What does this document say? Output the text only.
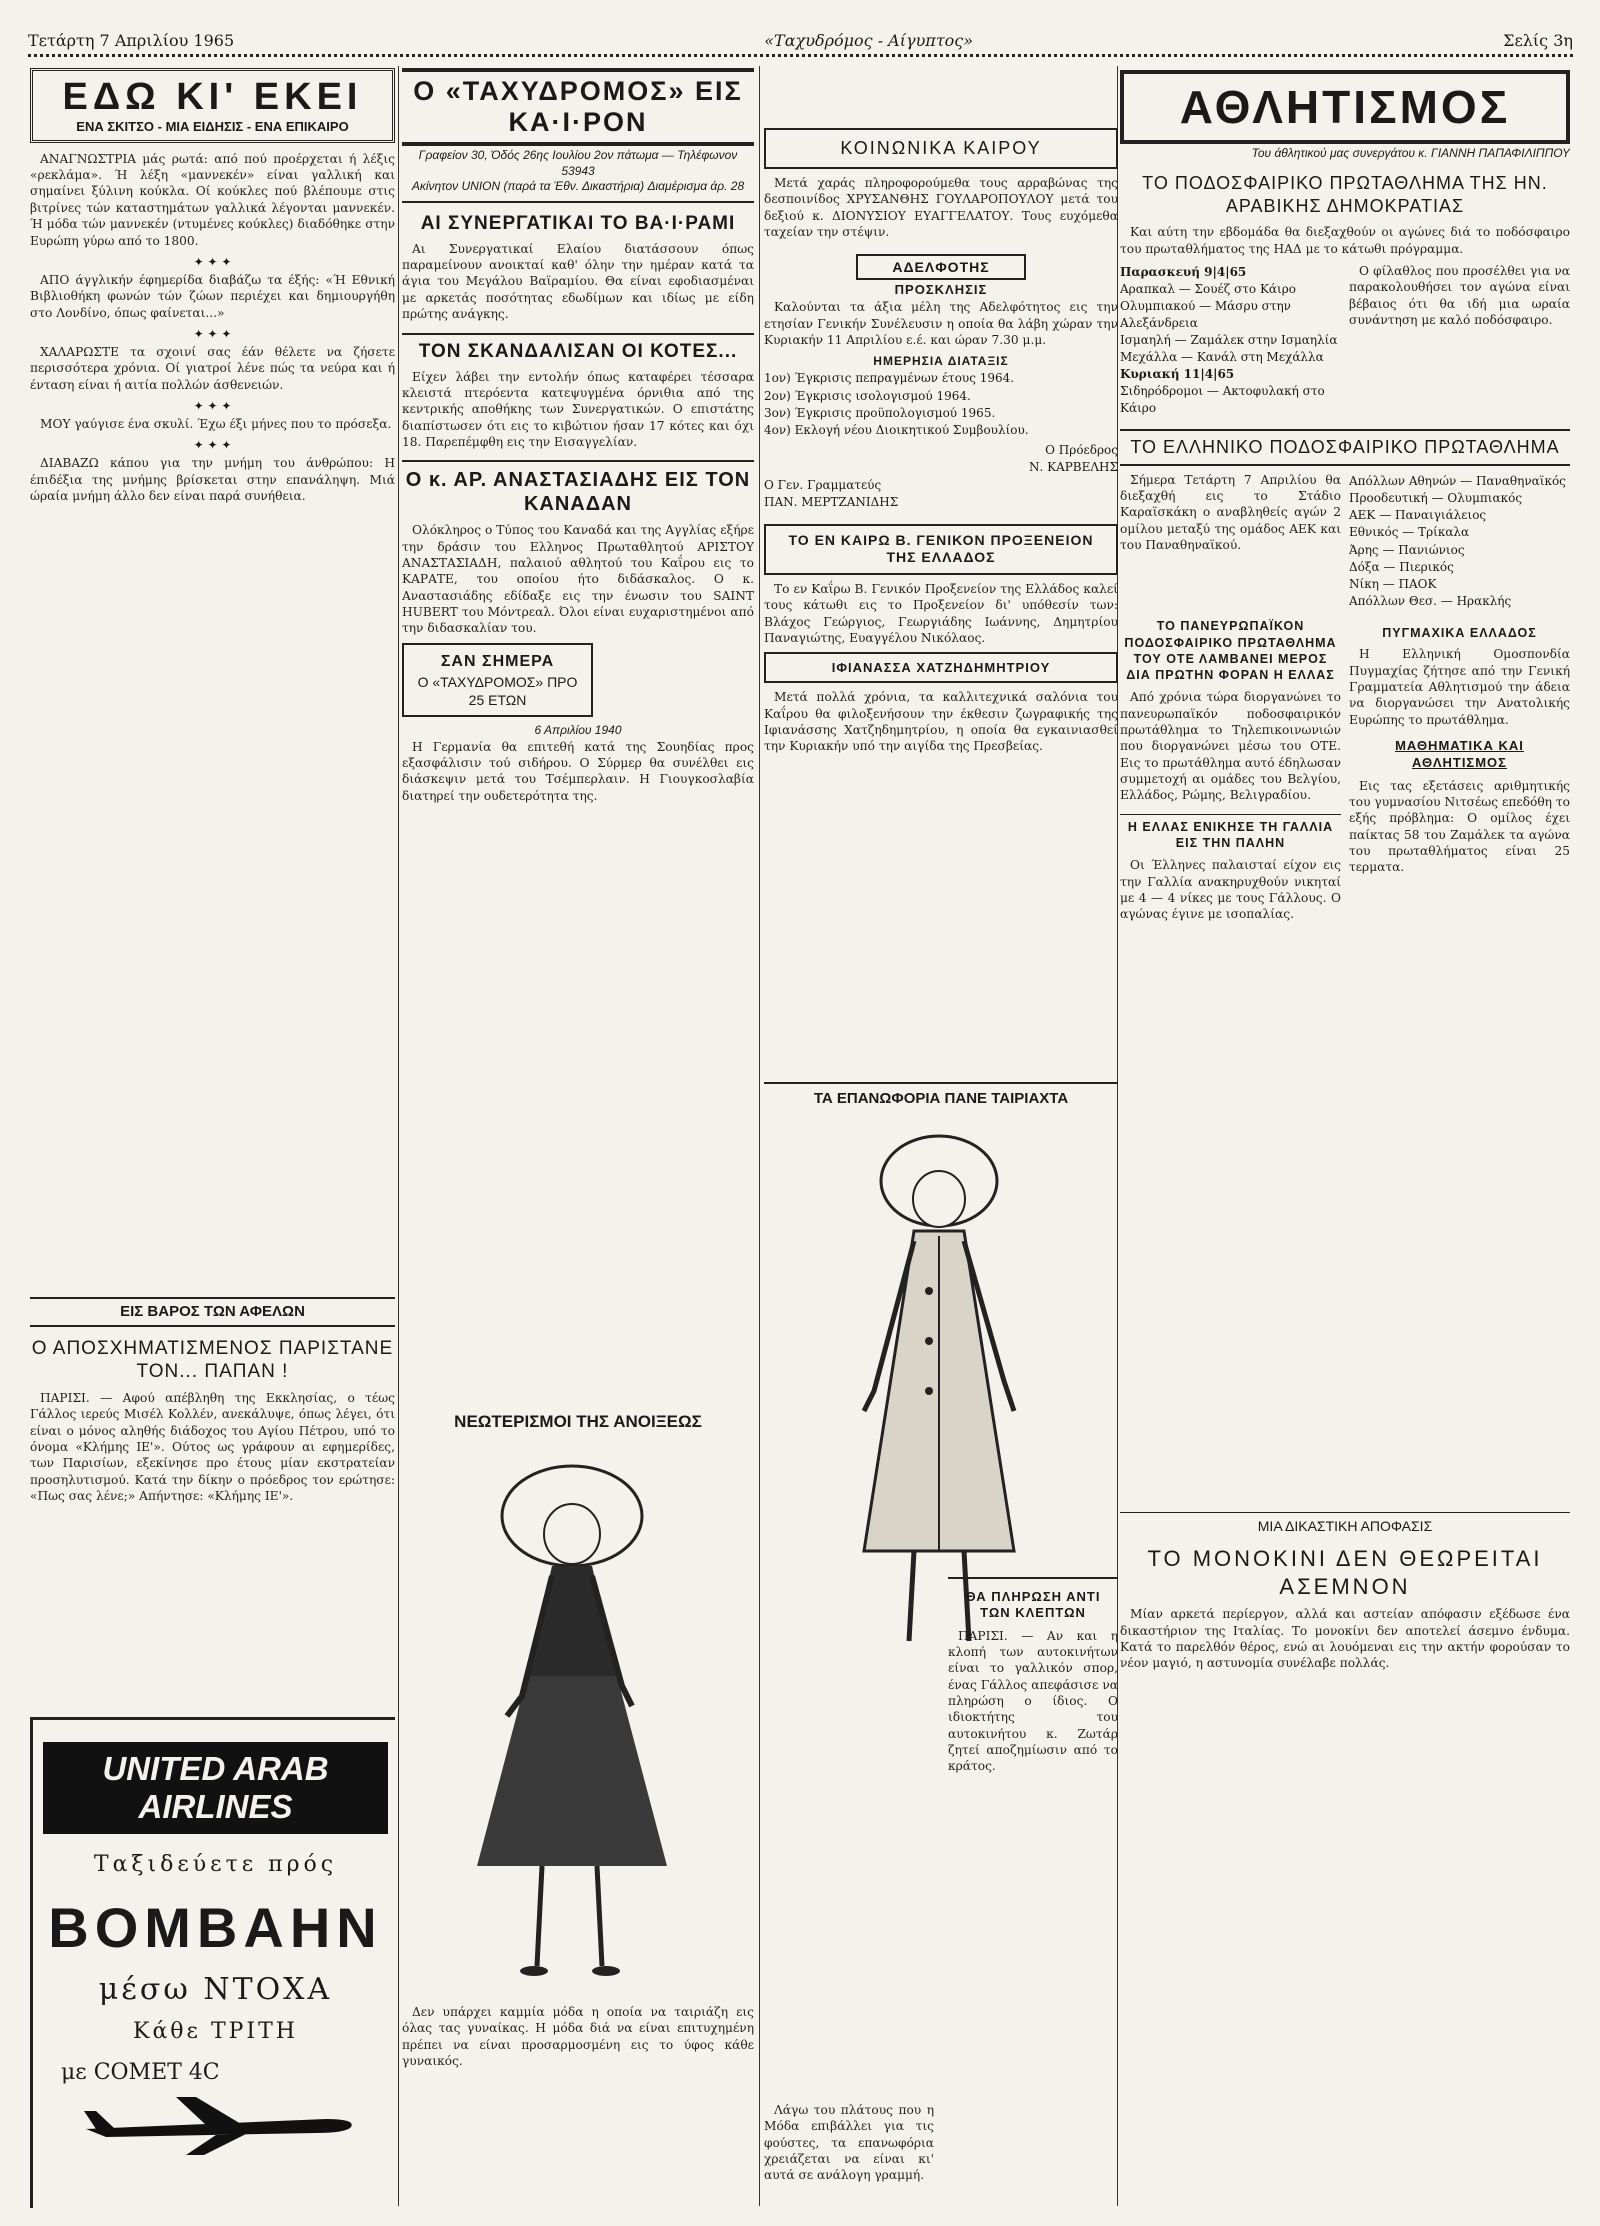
Τετάρτη 7 Απριλίου 1965	«Ταχυδρόμος - Αίγυπτος»	Σελίς 3η
ΕΔΩ ΚΙ' ΕΚΕΙ
ΕΝΑ ΣΚΙΤΣΟ - ΜΙΑ ΕΙΔΗΣΙΣ - ΕΝΑ ΕΠΙΚΑΙΡΟ

ΑΝΑΓΝΩΣΤΡΙΑ μάς ρωτά: από πού προέρχεται ή λέξις «ρεκλάμα». Ή λέξη «μαννεκέν» είναι γαλλική και σημαίνει ξύλινη κούκλα. Οί κούκλες πού βλέπουμε στις βιτρίνες τών καταστημάτων γαλλικά λέγονται μαννεκέν. Ή μόδα τών μαννεκέν (ντυμένες κούκλες) διαδόθηκε στην Ευρώπη γύρω από το 1800.

✦ ✦ ✦

ΑΠΟ άγγλικήν έφημερίδα διαβάζω τα έξής: «Ή Εθνική Βιβλιοθήκη φωνών τών ζώων περιέχει και δημιουργήθη στο Λονδίνο, όπως φαίνεται...»

✦ ✦ ✦

ΧΑΛΑΡΩΣΤΕ τα σχοινί σας έάν θέλετε να ζήσετε περισσότερα χρόνια. Οί γιατροί λένε πώς τα νεύρα και ή ένταση είναι ή αιτία πολλών άσθενειών.

✦ ✦ ✦

ΜΟΥ γαύγισε ένα σκυλί. Έχω έξι μήνες που το πρόσεξα.

✦ ✦ ✦

ΔΙΑΒΑΖΩ κάπου για την μνήμη του άνθρώπου: Η έπιδέξια της μνήμης βρίσκεται στην επανάληψη. Μιά ώραία μνήμη άλλο δεν είναι παρά συνήθεια.

ΕΙΣ ΒΑΡΟΣ ΤΩΝ ΑΦΕΛΩΝ
Ο ΑΠΟΣΧΗΜΑΤΙΣΜΕΝΟΣ ΠΑΡΙΣΤΑΝΕ ΤΟΝ... ΠΑΠΑΝ !

ΠΑΡΙΣΙ. — Αφού απέβληθη της Εκκλησίας, ο τέως Γάλλος ιερεύς Μισέλ Κολλέν, ανεκάλυψε, όπως λέγει, ότι είναι ο μόνος αληθής διάδοχος του Αγίου Πέτρου, υπό το όνομα «Κλήμης ΙΕ'». Ούτος ως γράφουν αι εφημερίδες, των Παρισίων, εξεκίνησε προ έτους μίαν εκστρατείαν προσηλυτισμού. Κατά την δίκην ο πρόεδρος τον ερώτησε: «Πως σας λένε;» Απήντησε: «Κλήμης ΙΕ'».

UNITED ARAB AIRLINES
Ταξιδεύετε πρός
ΒΟΜΒΑΗΝ
μέσω ΝΤΟΧΑ
Κάθε ΤΡΙΤΗ
με COMET 4C
Ο «ΤΑΧΥΔΡΟΜΟΣ» ΕΙΣ ΚΑ·Ι·ΡΟΝ
Γραφείον 30, Όδός 26ης Ιουλίου 2ον πάτωμα — Τηλέφωνον 53943
Ακίνητον UNION (παρά τα Έθν. Δικαστήρια) Διαμέρισμα άρ. 28
ΑΙ ΣΥΝΕΡΓΑΤΙΚΑΙ ΤΟ ΒΑ·Ι·ΡΑΜΙ

Αι Συνεργατικαί Ελαίου διατάσσουν όπως παραμείνουν ανοικταί καθ' όλην την ημέραν κατά τα άγια του Μεγάλου Βαϊραμίου. Θα είναι εφοδιασμέναι με αρκετάς ποσότητας εδωδίμων και ιδίως με είδη πρώτης ανάγκης.

ΤΟΝ ΣΚΑΝΔΑΛΙΣΑΝ ΟΙ ΚΟΤΕΣ...

Είχεν λάβει την εντολήν όπως καταφέρει τέσσαρα κλειστά πτερόεντα κατεψυγμένα όρνιθια από της κεντρικής αποθήκης των Συνεργατικών. Ο επιστάτης διαπίστωσεν ότι εις το κιβώτιον ήσαν 17 κότες και όχι 18. Παρεπέμφθη εις την Εισαγγελίαν.

Ο κ. ΑΡ. ΑΝΑΣΤΑΣΙΑΔΗΣ ΕΙΣ ΤΟΝ ΚΑΝΑΔΑΝ

Ολόκληρος ο Τύπος του Καναδά και της Αγγλίας εξήρε την δράσιν του Ελληνος Πρωταθλητού ΑΡΙΣΤΟΥ ΑΝΑΣΤΑΣΙΑΔΗ, παλαιού αθλητού του Καΐρου εις το ΚΑΡΑΤΕ, του οποίου ήτο διδάσκαλος. Ο κ. Αναστασιάδης εδίδαξε εις την ένωσιν του SAINT HUBERT του Μόντρεαλ. Όλοι είναι ευχαριστημένοι από την διδασκαλίαν του.

ΣΑΝ ΣΗΜΕΡΑ
Ο «ΤΑΧΥΔΡΟΜΟΣ» ΠΡΟ 25 ΕΤΩΝ
6 Απριλίου 1940

Η Γερμανία θα επιτεθή κατά της Σουηδίας προς εξασφάλισιν τού σιδήρου. Ο Σύρμερ θα συνέλθει εις διάσκεψιν μετά του Τσέμπερλαιν. Η Γιουγκοσλαβία διατηρεί την ουδετερότητα της.

ΝΕΩΤΕΡΙΣΜΟΙ ΤΗΣ ΑΝΟΙΞΕΩΣ

Δεν υπάρχει καμμία μόδα η οποία να ταιριάζη εις όλας τας γυναίκας. Η μόδα διά να είναι επιτυχημένη πρέπει να είναι προσαρμοσμένη εις το ύφος κάθε γυναικός.

ΚΟΙΝΩΝΙΚΑ ΚΑΙΡΟΥ

Μετά χαράς πληροφορούμεθα τους αρραβώνας της δεσποινίδος ΧΡΥΣΑΝΘΗΣ ΓΟΥΛΑΡΟΠΟΥΛΟΥ μετά του δεξιού κ. ΔΙΟΝΥΣΙΟΥ ΕΥΑΓΓΕΛΑΤΟΥ. Τους ευχόμεθα ταχείαν την στέψιν.

ΑΔΕΛΦΟΤΗΣ
ΠΡΟΣΚΛΗΣΙΣ

Καλούνται τα άξια μέλη της Αδελφότητος εις την ετησίαν Γενικήν Συνέλευσιν η οποία θα λάβη χώραν την Κυριακήν 11 Απριλίου ε.έ. και ώραν 7.30 μ.μ.

ΗΜΕΡΗΣΙΑ ΔΙΑΤΑΞΙΣ
1ον) Έγκρισις πεπραγμένων έτους 1964.
2ον) Έγκρισις ισολογισμού 1964.
3ον) Έγκρισις προϋπολογισμού 1965.
4ον) Εκλογή νέου Διοικητικού Συμβουλίου.
Ο Πρόεδρος
Ν. ΚΑΡΒΕΛΗΣ
Ο Γεν. Γραμματεύς
ΠΑΝ. ΜΕΡΤΖΑΝΙΔΗΣ
ΤΟ ΕΝ ΚΑΙΡΩ Β. ΓΕΝΙΚΟΝ ΠΡΟΞΕΝΕΙΟΝ ΤΗΣ ΕΛΛΑΔΟΣ

Το εν Καΐρω Β. Γενικόν Προξενείον της Ελλάδος καλεί τους κάτωθι εις το Προξενείον δι' υπόθεσίν των: Βλάχος Γεώργιος, Γεωργιάδης Ιωάννης, Δημητρίου Παναγιώτης, Ευαγγέλου Νικόλαος.

ΙΦΙΑΝΑΣΣΑ ΧΑΤΖΗΔΗΜΗΤΡΙΟΥ

Μετά πολλά χρόνια, τα καλλιτεχνικά σαλόνια του Καΐρου θα φιλοξενήσουν την έκθεσιν ζωγραφικής της Ιφιανάσσης Χατζηδημητρίου, η οποία θα εγκαινιασθεί την Κυριακήν υπό την αιγίδα της Πρεσβείας.

ΤΑ ΕΠΑΝΩΦΟΡΙΑ ΠΑΝΕ ΤΑΙΡΙΑΧΤΑ
ΘΑ ΠΛΗΡΩΣΗ ΑΝΤΙ ΤΩΝ ΚΛΕΠΤΩΝ

ΠΑΡΙΣΙ. — Αν και η κλοπή των αυτοκινήτων είναι το γαλλικόν σπορ, ένας Γάλλος απεφάσισε να πληρώση ο ίδιος. Ο ιδιοκτήτης του αυτοκινήτου κ. Ζωτάρ ζητεί αποζημίωσιν από το κράτος.

Λάγω του πλάτους που η Μόδα επιβάλλει για τις φούστες, τα επανωφόρια χρειάζεται να είναι κι' αυτά σε ανάλογη γραμμή.

ΑΘΛΗΤΙΣΜΟΣ
Του άθλητικού μας συνεργάτου κ. ΓΙΑΝΝΗ ΠΑΠΑΦΙΛΙΠΠΟΥ
ΤΟ ΠΟΔΟΣΦΑΙΡΙΚΟ ΠΡΩΤΑΘΛΗΜΑ ΤΗΣ ΗΝ. ΑΡΑΒΙΚΗΣ ΔΗΜΟΚΡΑΤΙΑΣ

Και αύτη την εβδομάδα θα διεξαχθούν οι αγώνες διά το ποδόσφαιρο του πρωταθλήματος της ΗΑΔ με το κάτωθι πρόγραμμα.

Παρασκευή 9|4|65
Αραπκαλ — Σουέζ στο Κάιρο
Ολυμπιακού — Μάσρυ στην Αλεξάνδρεια
Ισμαηλή — Ζαμάλεκ στην Ισμαηλία
Μεχάλλα — Κανάλ στη Μεχάλλα
Κυριακή 11|4|65
Σιδηρόδρομοι — Ακτοφυλακή στο Κάιρο

Ο φίλαθλος που προσέλθει για να παρακολουθήσει τον αγώνα είναι βέβαιος ότι θα ιδή μια ωραία συνάντηση με καλό ποδόσφαιρο.

ΤΟ ΕΛΛΗΝΙΚΟ ΠΟΔΟΣΦΑΙΡΙΚΟ ΠΡΩΤΑΘΛΗΜΑ

Σήμερα Τετάρτη 7 Απριλίου θα διεξαχθή εις το Στάδιο Καραϊσκάκη ο αναβληθείς αγών 2 ομίλου μεταξύ της ομάδος ΑΕΚ και του Παναθηναϊκού.

Απόλλων Αθηνών — Παναθηναϊκός
Προοδευτική — Ολυμπιακός
ΑΕΚ — Παναιγιάλειος
Εθνικός — Τρίκαλα
Άρης — Πανιώνιος
Δόξα — Πιερικός
Νίκη — ΠΑΟΚ
Απόλλων Θεσ. — Ηρακλής
ΤΟ ΠΑΝΕΥΡΩΠΑΪΚΟΝ ΠΟΔΟΣΦΑΙΡΙΚΟ ΠΡΩΤΑΘΛΗΜΑ ΤΟΥ ΟΤΕ ΛΑΜΒΑΝΕΙ ΜΕΡΟΣ ΔΙΑ ΠΡΩΤΗΝ ΦΟΡΑΝ Η ΕΛΛΑΣ

Από χρόνια τώρα διοργανώνει το πανευρωπαϊκόν ποδοσφαιρικόν πρωτάθλημα το Τηλεπικοινωνιών που διοργανώνει μέσω του ΟΤΕ. Εις το πρωτάθλημα αυτό έδηλωσαν συμμετοχή αι ομάδες του Βελγίου, Ελλάδος, Ρώμης, Βελιγραδίου.

Η ΕΛΛΑΣ ΕΝΙΚΗΣΕ ΤΗ ΓΑΛΛΙΑ ΕΙΣ ΤΗΝ ΠΑΛΗΝ

Οι Έλληνες παλαισταί είχον εις την Γαλλία ανακηρυχθούν νικηταί με 4 — 4 νίκες με τους Γάλλους. Ο αγώνας έγινε με ισοπαλίας.

ΠΥΓΜΑΧΙΚΑ ΕΛΛΑΔΟΣ

Η Ελληνική Ομοσπονδία Πυγμαχίας ζήτησε από την Γενική Γραμματεία Αθλητισμού την άδεια να διοργανώσει την Ανατολικής Ευρώπης το πρωτάθλημα.

ΜΑΘΗΜΑΤΙΚΑ ΚΑΙ ΑΘΛΗΤΙΣΜΟΣ

Εις τας εξετάσεις αριθμητικής του γυμνασίου Νιτσέως επεδόθη το εξής πρόβλημα: Ο ομίλος έχει παίκτας 58 του Ζαμάλεκ τα αγώνα του πρωταθλήματος είναι 25 τερματα.

ΜΙΑ ΔΙΚΑΣΤΙΚΗ ΑΠΟΦΑΣΙΣ
ΤΟ ΜΟΝΟΚΙΝΙ ΔΕΝ ΘΕΩΡΕΙΤΑΙ ΑΣΕΜΝΟΝ

Μίαν αρκετά περίεργον, αλλά και αστείαν απόφασιν εξέδωσε ένα δικαστήριον της Ιταλίας. Το μονοκίνι δεν αποτελεί άσεμνο ένδυμα. Κατά το παρελθόν θέρος, ενώ αι λουόμεναι εις την ακτήν φορούσαν το νέον μαγιό, η αστυνομία συνέλαβε πολλάς.
